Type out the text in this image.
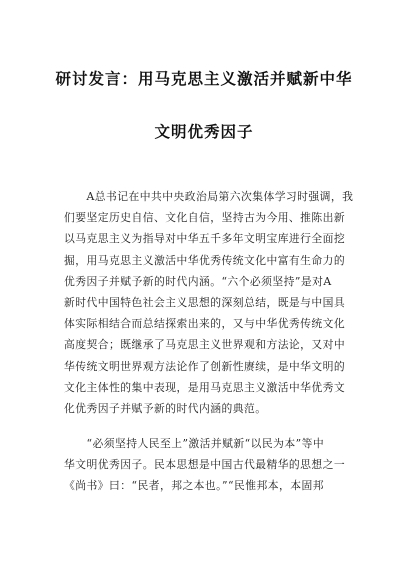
研讨发言：用马克思主义激活并赋新中华
文明优秀因子
　　A总书记在中共中央政治局第六次集体学习时强调，我
们要坚定历史自信、文化自信，坚持古为今用、推陈出新
以马克思主义为指导对中华五千多年文明宝库进行全面挖
掘，用马克思主义激活中华优秀传统文化中富有生命力的
优秀因子并赋予新的时代内涵。“六个必须坚持”是对A
新时代中国特色社会主义思想的深刻总结，既是与中国具
体实际相结合而总结探索出来的，又与中华优秀传统文化
高度契合；既继承了马克思主义世界观和方法论，又对中
华传统文明世界观方法论作了创新性赓续，是中华文明的
文化主体性的集中表现，是用马克思主义激活中华优秀文
化优秀因子并赋予新的时代内涵的典范。
　　“必须坚持人民至上”激活并赋新“以民为本”等中
华文明优秀因子。民本思想是中国古代最精华的思想之一
《尚书》曰：“民者，邦之本也。”“民惟邦本，本固邦
